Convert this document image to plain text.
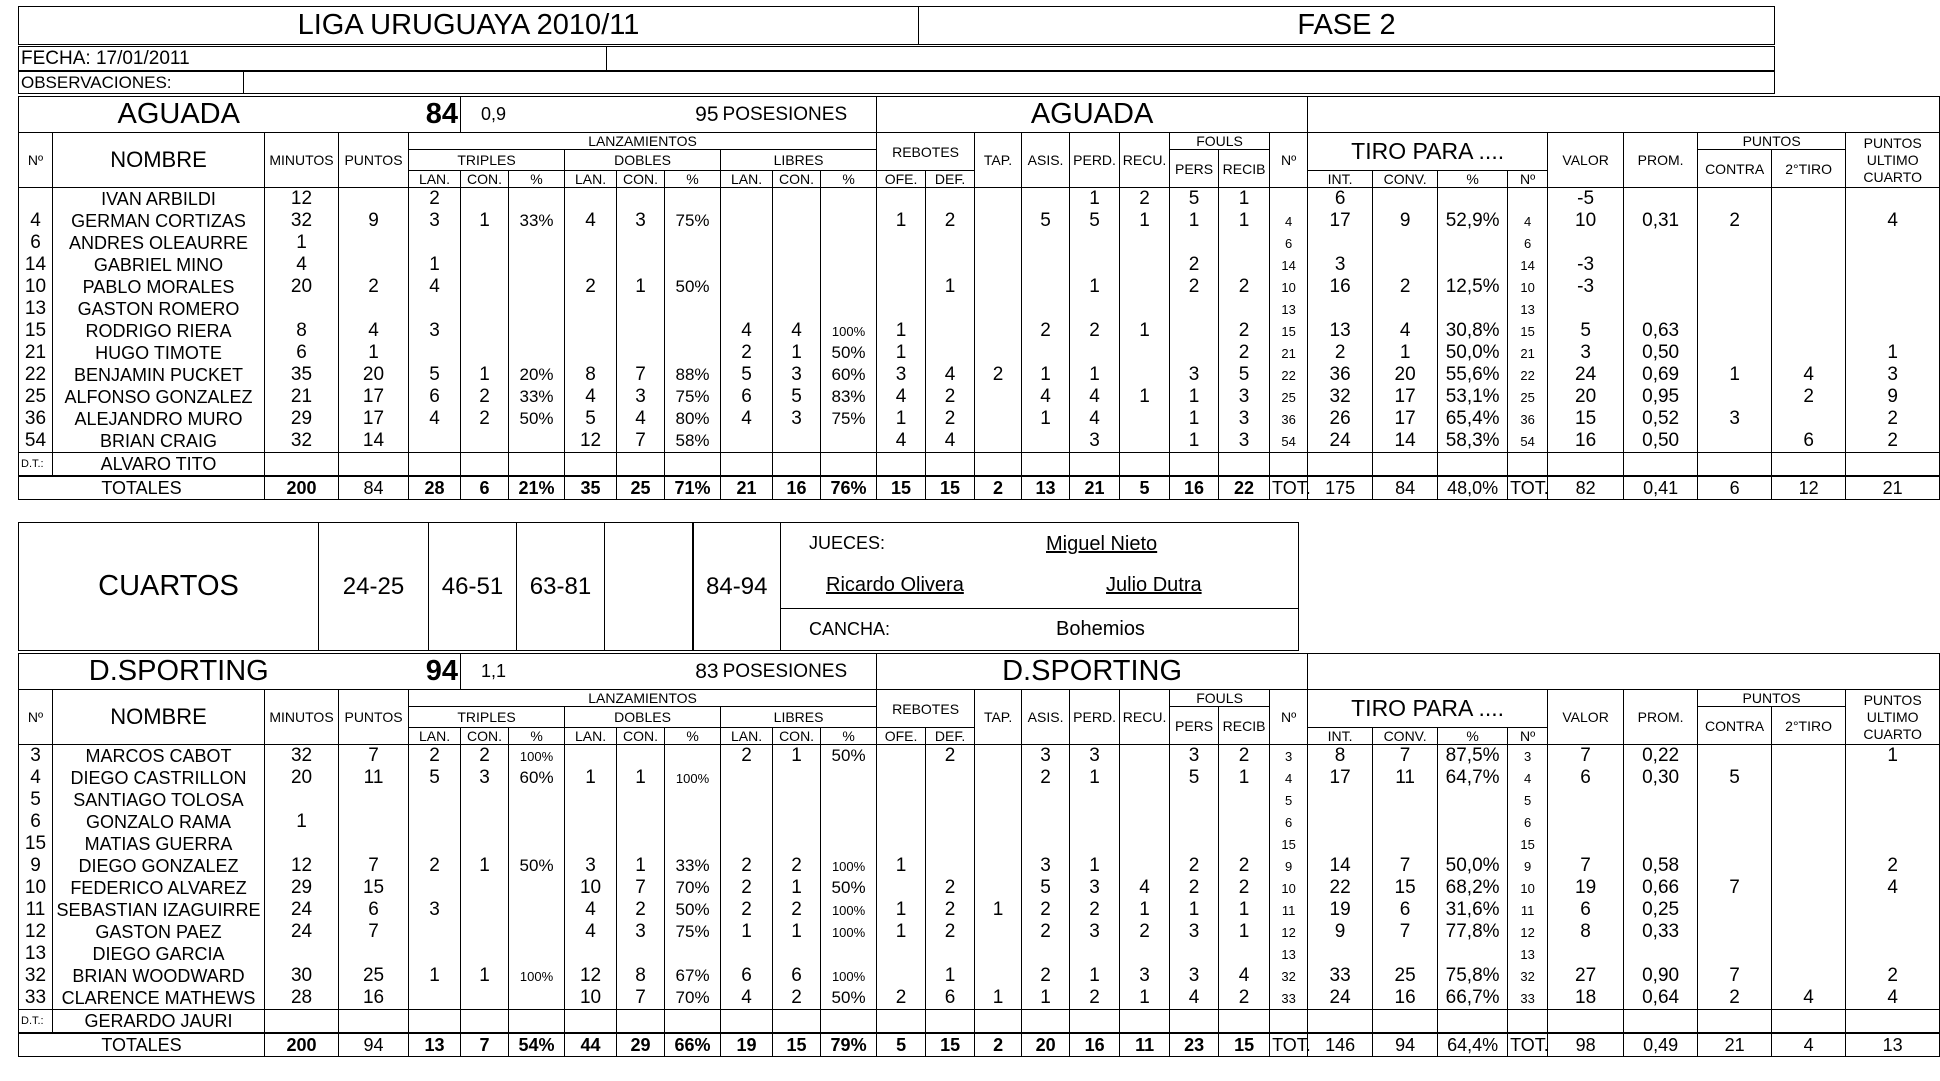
LIGA URUGUAYA 2010/11	FASE 2
FECHA: 17/01/2011	
OBSERVACIONES:	
AGUADA			84		0,9			95		POSESIONES			AGUADA																	
Nº	NOMBRE	MINUTOS	PUNTOS	LANZAMIENTOS									REBOTES		TAP.	ASIS.	PERD.	RECU.	FOULS		Nº	TIRO PARA ....				VALOR	PROM.	PUNTOS		PUNTOS
ULTIMO
CUARTO
				TRIPLES			DOBLES			LIBRES									PERS	RECIB								CONTRA	2°TIRO	
				LAN.	CON.	%	LAN.	CON.	%	LAN.	CON.	%	OFE.	DEF.								INT.	CONV.	%	Nº					
	IVAN ARBILDI	12		2													1	2	5	1		6				-5				
4	GERMAN CORTIZAS	32	9	3	1	33%	4	3	75%				1	2		5	5	1	1	1	4	17	9	52,9%	4	10	0,31	2		4
6	ANDRES OLEAURRE	1																			6				6					
14	GABRIEL MINO	4		1															2		14	3			14	-3				
10	PABLO MORALES	20	2	4			2	1	50%					1			1		2	2	10	16	2	12,5%	10	-3				
13	GASTON ROMERO																				13				13					
15	RODRIGO RIERA	8	4	3						4	4	100%	1			2	2	1		2	15	13	4	30,8%	15	5	0,63			
21	HUGO TIMOTE	6	1							2	1	50%	1							2	21	2	1	50,0%	21	3	0,50			1
22	BENJAMIN PUCKET	35	20	5	1	20%	8	7	88%	5	3	60%	3	4	2	1	1		3	5	22	36	20	55,6%	22	24	0,69	1	4	3
25	ALFONSO GONZALEZ	21	17	6	2	33%	4	3	75%	6	5	83%	4	2		4	4	1	1	3	25	32	17	53,1%	25	20	0,95		2	9
36	ALEJANDRO MURO	29	17	4	2	50%	5	4	80%	4	3	75%	1	2		1	4		1	3	36	26	17	65,4%	36	15	0,52	3		2
54	BRIAN CRAIG	32	14				12	7	58%				4	4			3		1	3	54	24	14	58,3%	54	16	0,50		6	2
D.T.:	ALVARO TITO																													
TOTALES		200	84	28	6	21%	35	25	71%	21	16	76%	15	15	2	13	21	5	16	22	TOT.	175	84	48,0%	TOT.	82	0,41	6	12	21
CUARTOS	24-25	46-51	63-81		84-94	
JUECES:	Miguel Nieto

Ricardo Olivera	Julio Dutra

CANCHA:	Bohemios
D.SPORTING			94		1,1			83		POSESIONES			D.SPORTING																	
Nº	NOMBRE	MINUTOS	PUNTOS	LANZAMIENTOS									REBOTES		TAP.	ASIS.	PERD.	RECU.	FOULS		Nº	TIRO PARA ....				VALOR	PROM.	PUNTOS		PUNTOS
ULTIMO
CUARTO
				TRIPLES			DOBLES			LIBRES									PERS	RECIB								CONTRA	2°TIRO	
				LAN.	CON.	%	LAN.	CON.	%	LAN.	CON.	%	OFE.	DEF.								INT.	CONV.	%	Nº					
3	MARCOS CABOT	32	7	2	2	100%				2	1	50%		2		3	3		3	2	3	8	7	87,5%	3	7	0,22			1
4	DIEGO CASTRILLON	20	11	5	3	60%	1	1	100%							2	1		5	1	4	17	11	64,7%	4	6	0,30	5		
5	SANTIAGO TOLOSA																				5				5					
6	GONZALO RAMA	1																			6				6					
15	MATIAS GUERRA																				15				15					
9	DIEGO GONZALEZ	12	7	2	1	50%	3	1	33%	2	2	100%	1			3	1		2	2	9	14	7	50,0%	9	7	0,58			2
10	FEDERICO ALVAREZ	29	15				10	7	70%	2	1	50%		2		5	3	4	2	2	10	22	15	68,2%	10	19	0,66	7		4
11	SEBASTIAN IZAGUIRRE	24	6	3			4	2	50%	2	2	100%	1	2	1	2	2	1	1	1	11	19	6	31,6%	11	6	0,25			
12	GASTON PAEZ	24	7				4	3	75%	1	1	100%	1	2		2	3	2	3	1	12	9	7	77,8%	12	8	0,33			
13	DIEGO GARCIA																				13				13					
32	BRIAN WOODWARD	30	25	1	1	100%	12	8	67%	6	6	100%		1		2	1	3	3	4	32	33	25	75,8%	32	27	0,90	7		2
33	CLARENCE MATHEWS	28	16				10	7	70%	4	2	50%	2	6	1	1	2	1	4	2	33	24	16	66,7%	33	18	0,64	2	4	4
D.T.:	GERARDO JAURI																													
TOTALES		200	94	13	7	54%	44	29	66%	19	15	79%	5	15	2	20	16	11	23	15	TOT.	146	94	64,4%	TOT.	98	0,49	21	4	13
